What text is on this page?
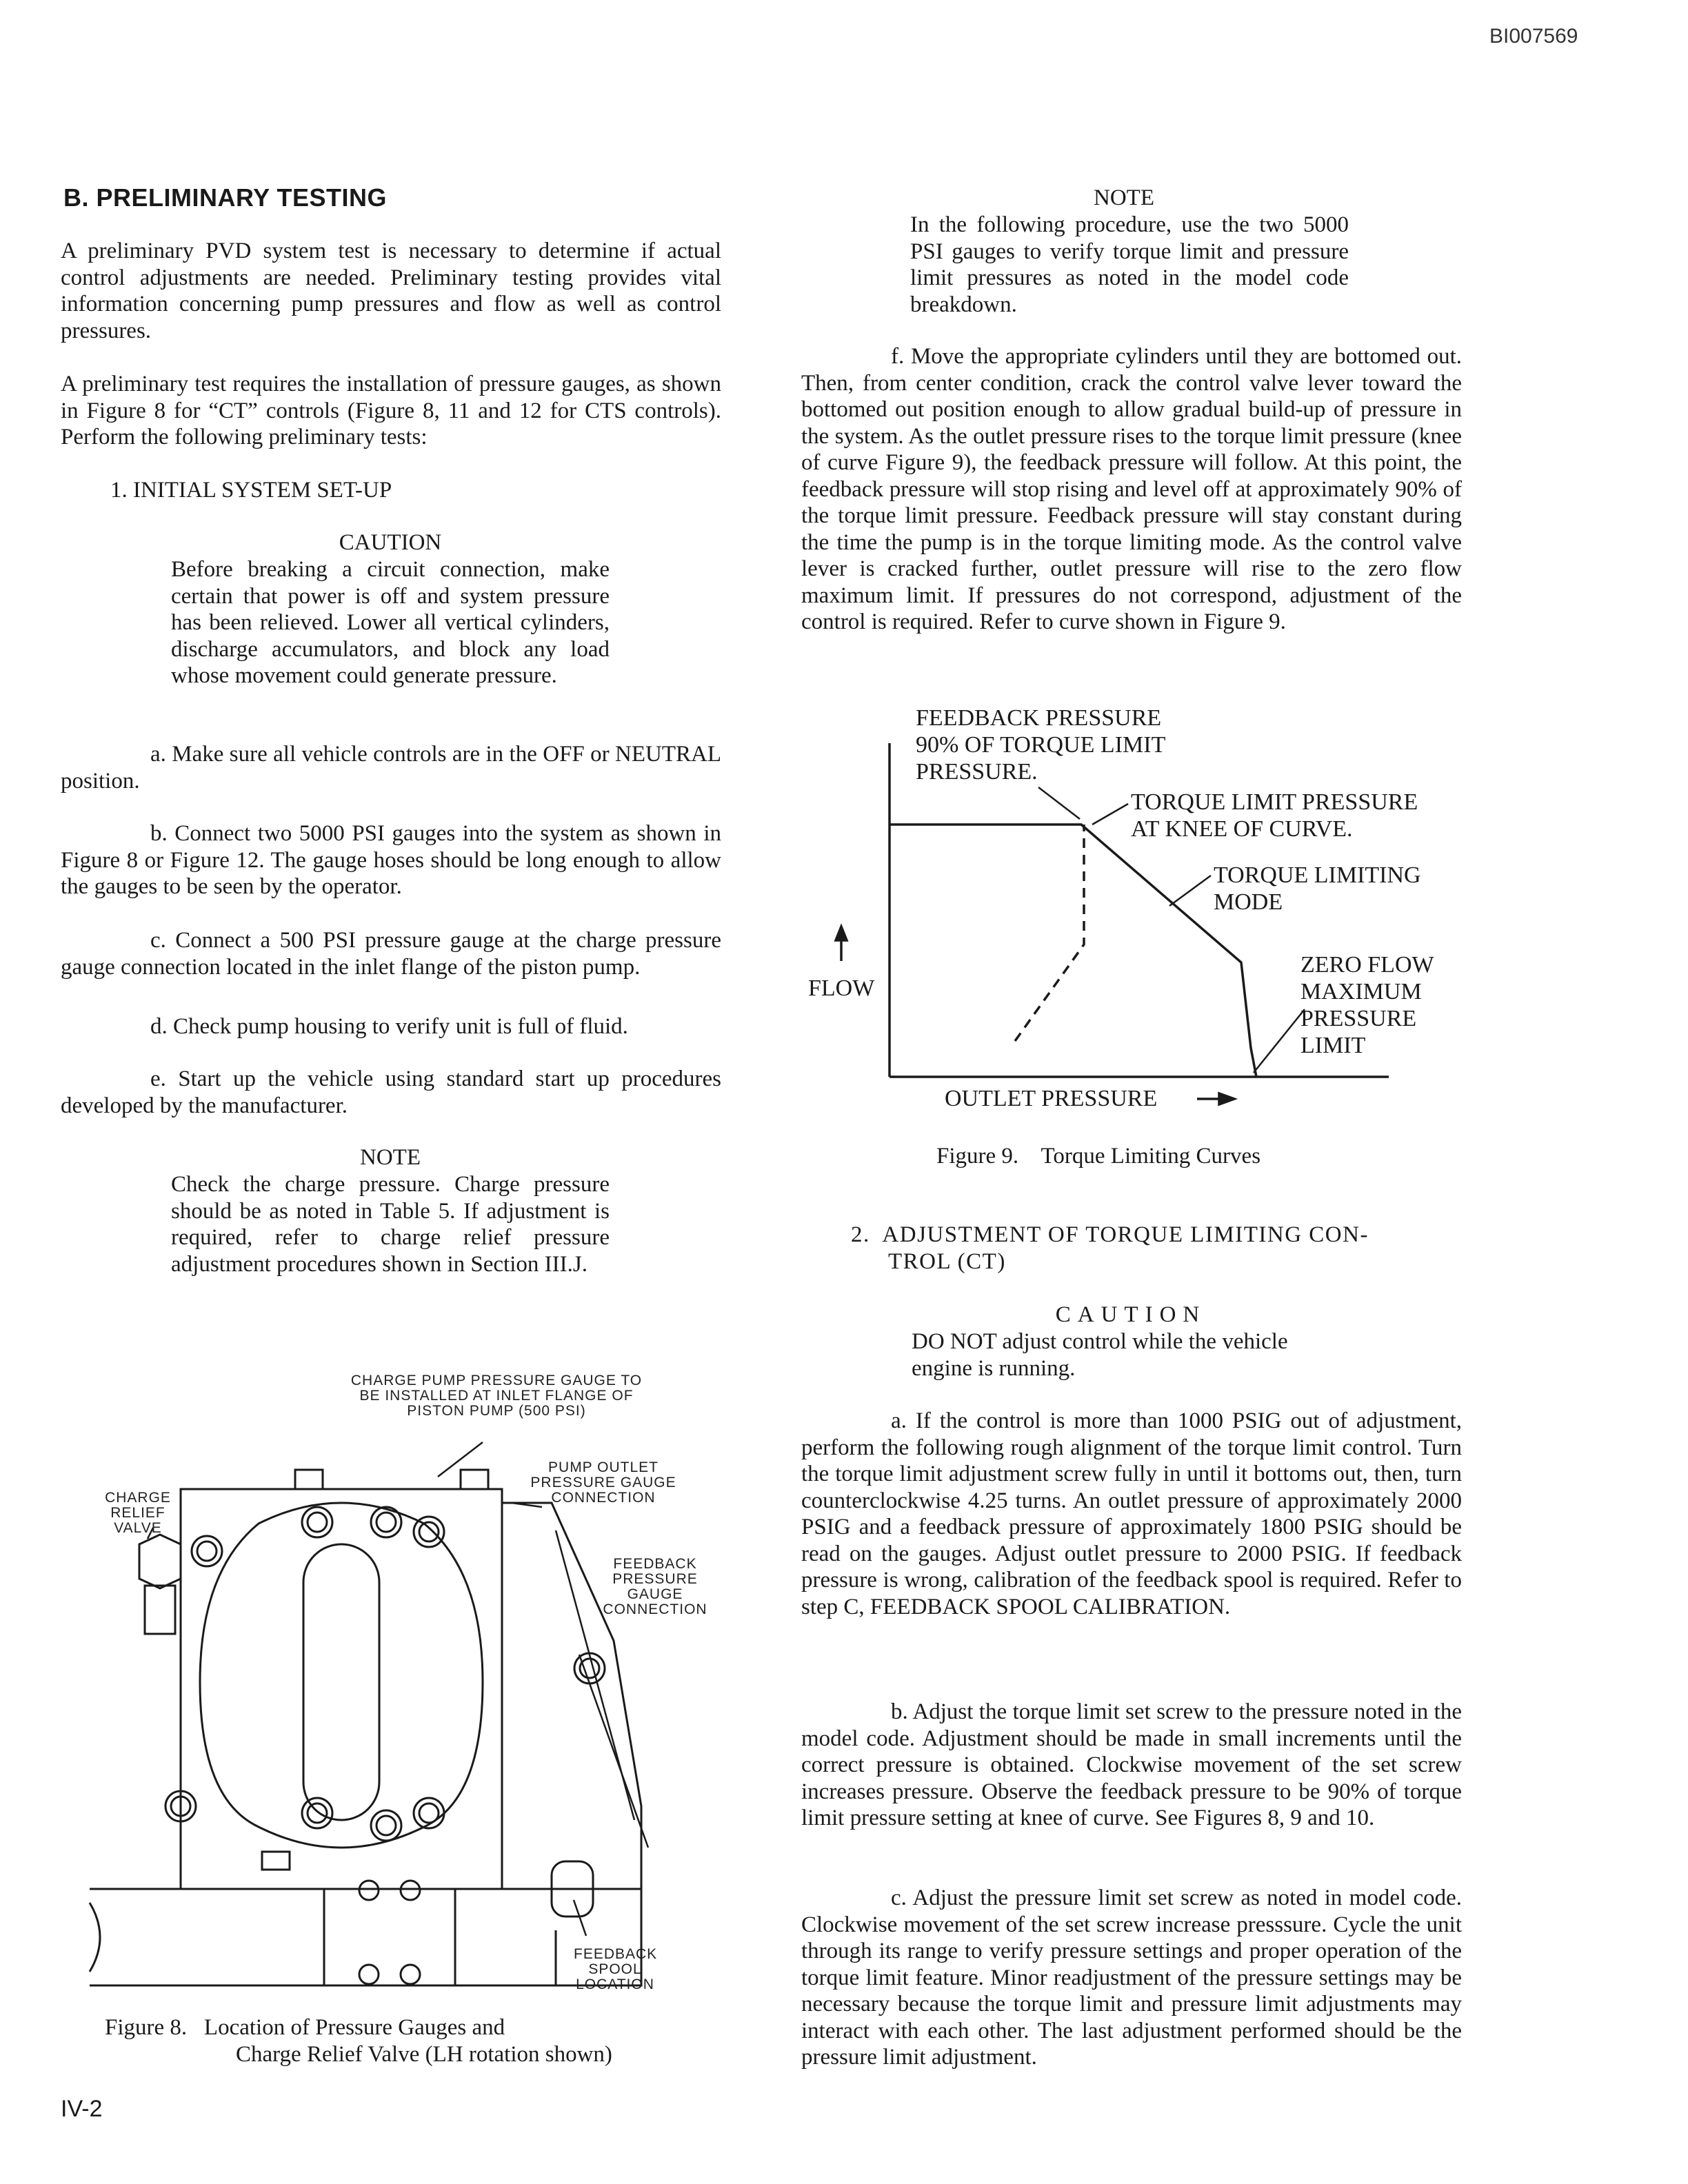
BI007569
IV-2
B. PRELIMINARY TESTING
A preliminary PVD system test is necessary to determine if actual control adjustments are needed. Preliminary testing provides vital information concerning pump pressures and flow as well as control pressures.
A preliminary test requires the installation of pressure gauges, as shown in Figure 8 for “CT” controls (Figure 8, 11 and 12 for CTS controls). Perform the following preliminary tests:
1. INITIAL SYSTEM SET-UP
CAUTION
Before breaking a circuit connection, make certain that power is off and system pressure has been relieved. Lower all vertical cylinders, discharge accumulators, and block any load whose movement could generate pressure.
a. Make sure all vehicle controls are in the OFF or NEUTRAL position.
b. Connect two 5000 PSI gauges into the system as shown in Figure 8 or Figure 12. The gauge hoses should be long enough to allow the gauges to be seen by the operator.
c. Connect a 500 PSI pressure gauge at the charge pressure gauge connection located in the inlet flange of the piston pump.
d. Check pump housing to verify unit is full of fluid.
e. Start up the vehicle using standard start up procedures developed by the manufacturer.
NOTE
Check the charge pressure. Charge pressure should be as noted in Table 5. If adjustment is required, refer to charge relief pressure adjustment procedures shown in Section III.J.
CHARGE PUMP PRESSURE GAUGE TO BE INSTALLED AT INLET FLANGE OF PISTON PUMP (500 PSI)
PUMP OUTLET PRESSURE GAUGE CONNECTION
CHARGE RELIEF VALVE
FEEDBACK PRESSURE GAUGE CONNECTION
FEEDBACK SPOOL LOCATION
Figure 8.   Location of Pressure Gauges and
Charge Relief Valve (LH rotation shown)
NOTE
In the following procedure, use the two 5000 PSI gauges to verify torque limit and pressure limit pressures as noted in the model code breakdown.
f. Move the appropriate cylinders until they are bottomed out. Then, from center condition, crack the control valve lever toward the bottomed out position enough to allow gradual build-up of pressure in the system. As the outlet pressure rises to the torque limit pressure (knee of curve Figure 9), the feedback pressure will follow. At this point, the feedback pressure will stop rising and level off at approximately 90% of the torque limit pressure. Feedback pressure will stay constant during the time the pump is in the torque limiting mode. As the control valve lever is cracked further, outlet pressure will rise to the zero flow maximum limit. If pressures do not correspond, adjustment of the control is required. Refer to curve shown in Figure 9.
FEEDBACK PRESSURE
90% OF TORQUE LIMIT
PRESSURE.
TORQUE LIMIT PRESSURE
AT KNEE OF CURVE.
TORQUE LIMITING
MODE
ZERO FLOW
MAXIMUM
PRESSURE
LIMIT
FLOW
OUTLET PRESSURE
Figure 9.    Torque Limiting Curves
2.  ADJUSTMENT OF TORQUE LIMITING CON-
TROL (CT)
CAUTION
DO NOT adjust control while the vehicle engine is running.
a. If the control is more than 1000 PSIG out of adjustment, perform the following rough alignment of the torque limit control. Turn the torque limit adjustment screw fully in until it bottoms out, then, turn counterclockwise 4.25 turns. An outlet pressure of approximately 2000 PSIG and a feedback pressure of approximately 1800 PSIG should be read on the gauges. Adjust outlet pressure to 2000 PSIG. If feedback pressure is wrong, calibration of the feedback spool is required. Refer to step C, FEEDBACK SPOOL CALIBRATION.
b. Adjust the torque limit set screw to the pressure noted in the model code. Adjustment should be made in small increments until the correct pressure is obtained. Clockwise movement of the set screw increases pressure. Observe the feedback pressure to be 90% of torque limit pressure setting at knee of curve. See Figures 8, 9 and 10.
c. Adjust the pressure limit set screw as noted in model code. Clockwise movement of the set screw increase presssure. Cycle the unit through its range to verify pressure settings and proper operation of the torque limit feature. Minor readjustment of the pressure settings may be necessary because the torque limit and pressure limit adjustments may interact with each other. The last adjustment performed should be the pressure limit adjustment.
